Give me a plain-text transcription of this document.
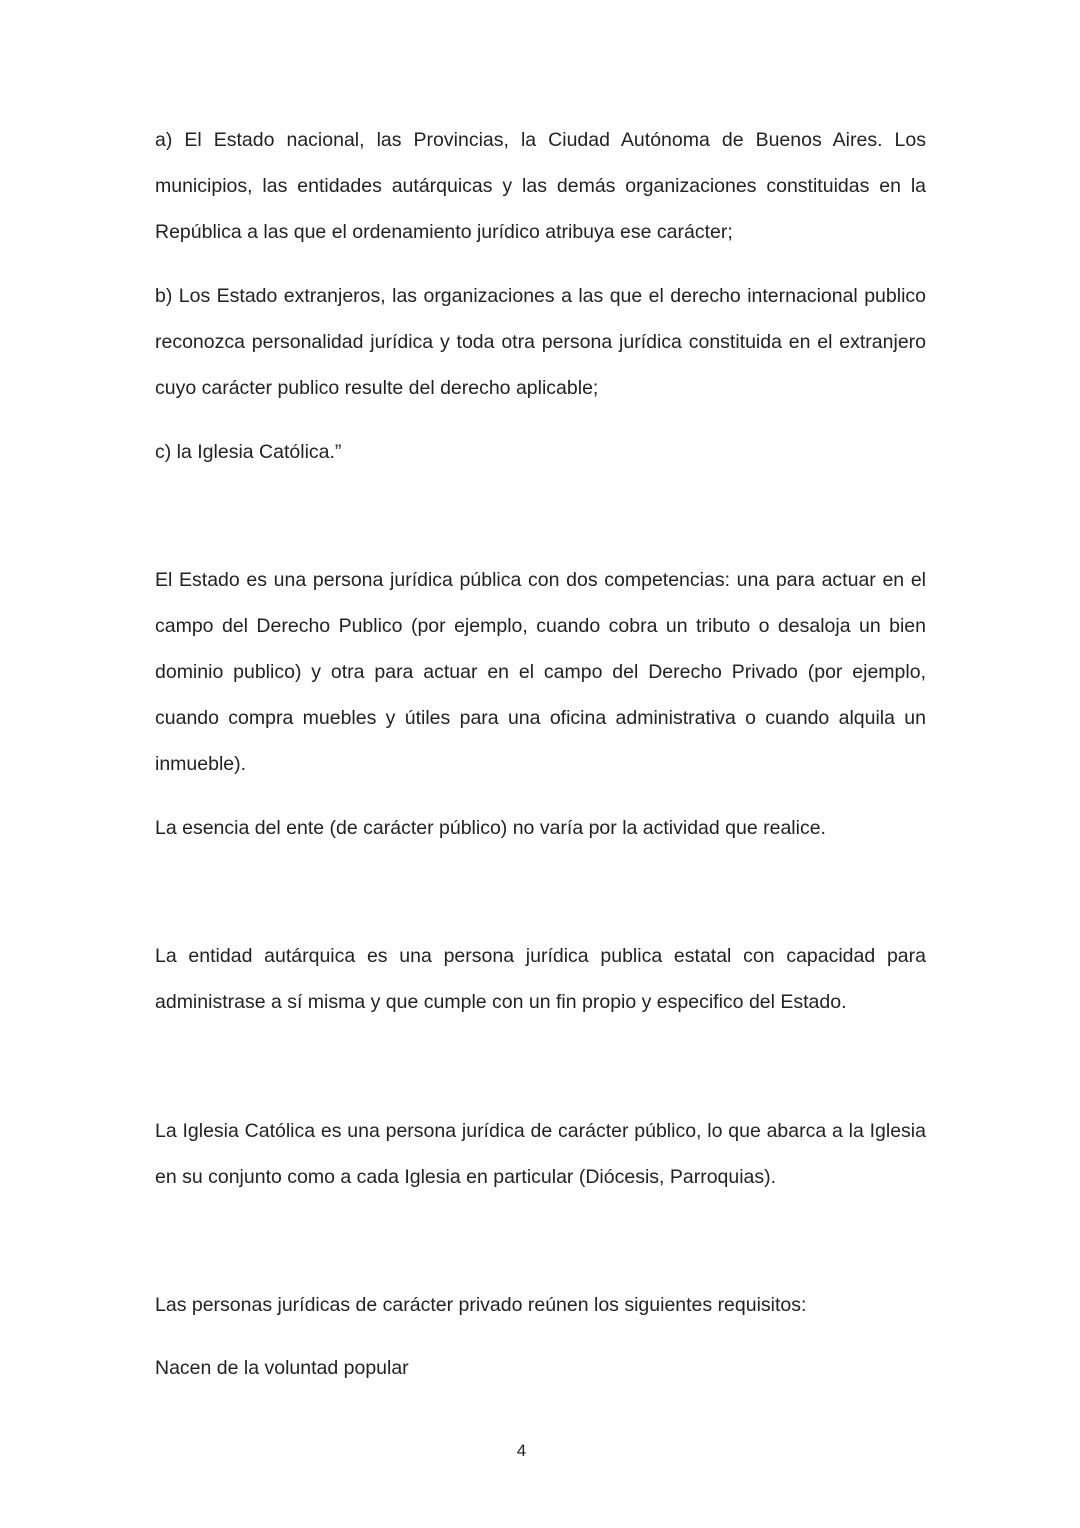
a) El Estado nacional, las Provincias, la Ciudad Autónoma de Buenos Aires. Los municipios, las entidades autárquicas y las demás organizaciones constituidas en la República a las que el ordenamiento jurídico atribuya ese carácter;

b) Los Estado extranjeros, las organizaciones a las que el derecho internacional publico reconozca personalidad jurídica y toda otra persona jurídica constituida en el extranjero cuyo carácter publico resulte del derecho aplicable;

c) la Iglesia Católica.”

El Estado es una persona jurídica pública con dos competencias: una para actuar en el campo del Derecho Publico (por ejemplo, cuando cobra un tributo o desaloja un bien dominio publico) y otra para actuar en el campo del Derecho Privado (por ejemplo, cuando compra muebles y útiles para una oficina administrativa o cuando alquila un inmueble).

La esencia del ente (de carácter público) no varía por la actividad que realice.

La entidad autárquica es una persona jurídica publica estatal con capacidad para administrase a sí misma y que cumple con un fin propio y especifico del Estado.

La Iglesia Católica es una persona jurídica de carácter público, lo que abarca a la Iglesia en su conjunto como a cada Iglesia en particular (Diócesis, Parroquias).

Las personas jurídicas de carácter privado reúnen los siguientes requisitos:

Nacen de la voluntad popular

4
